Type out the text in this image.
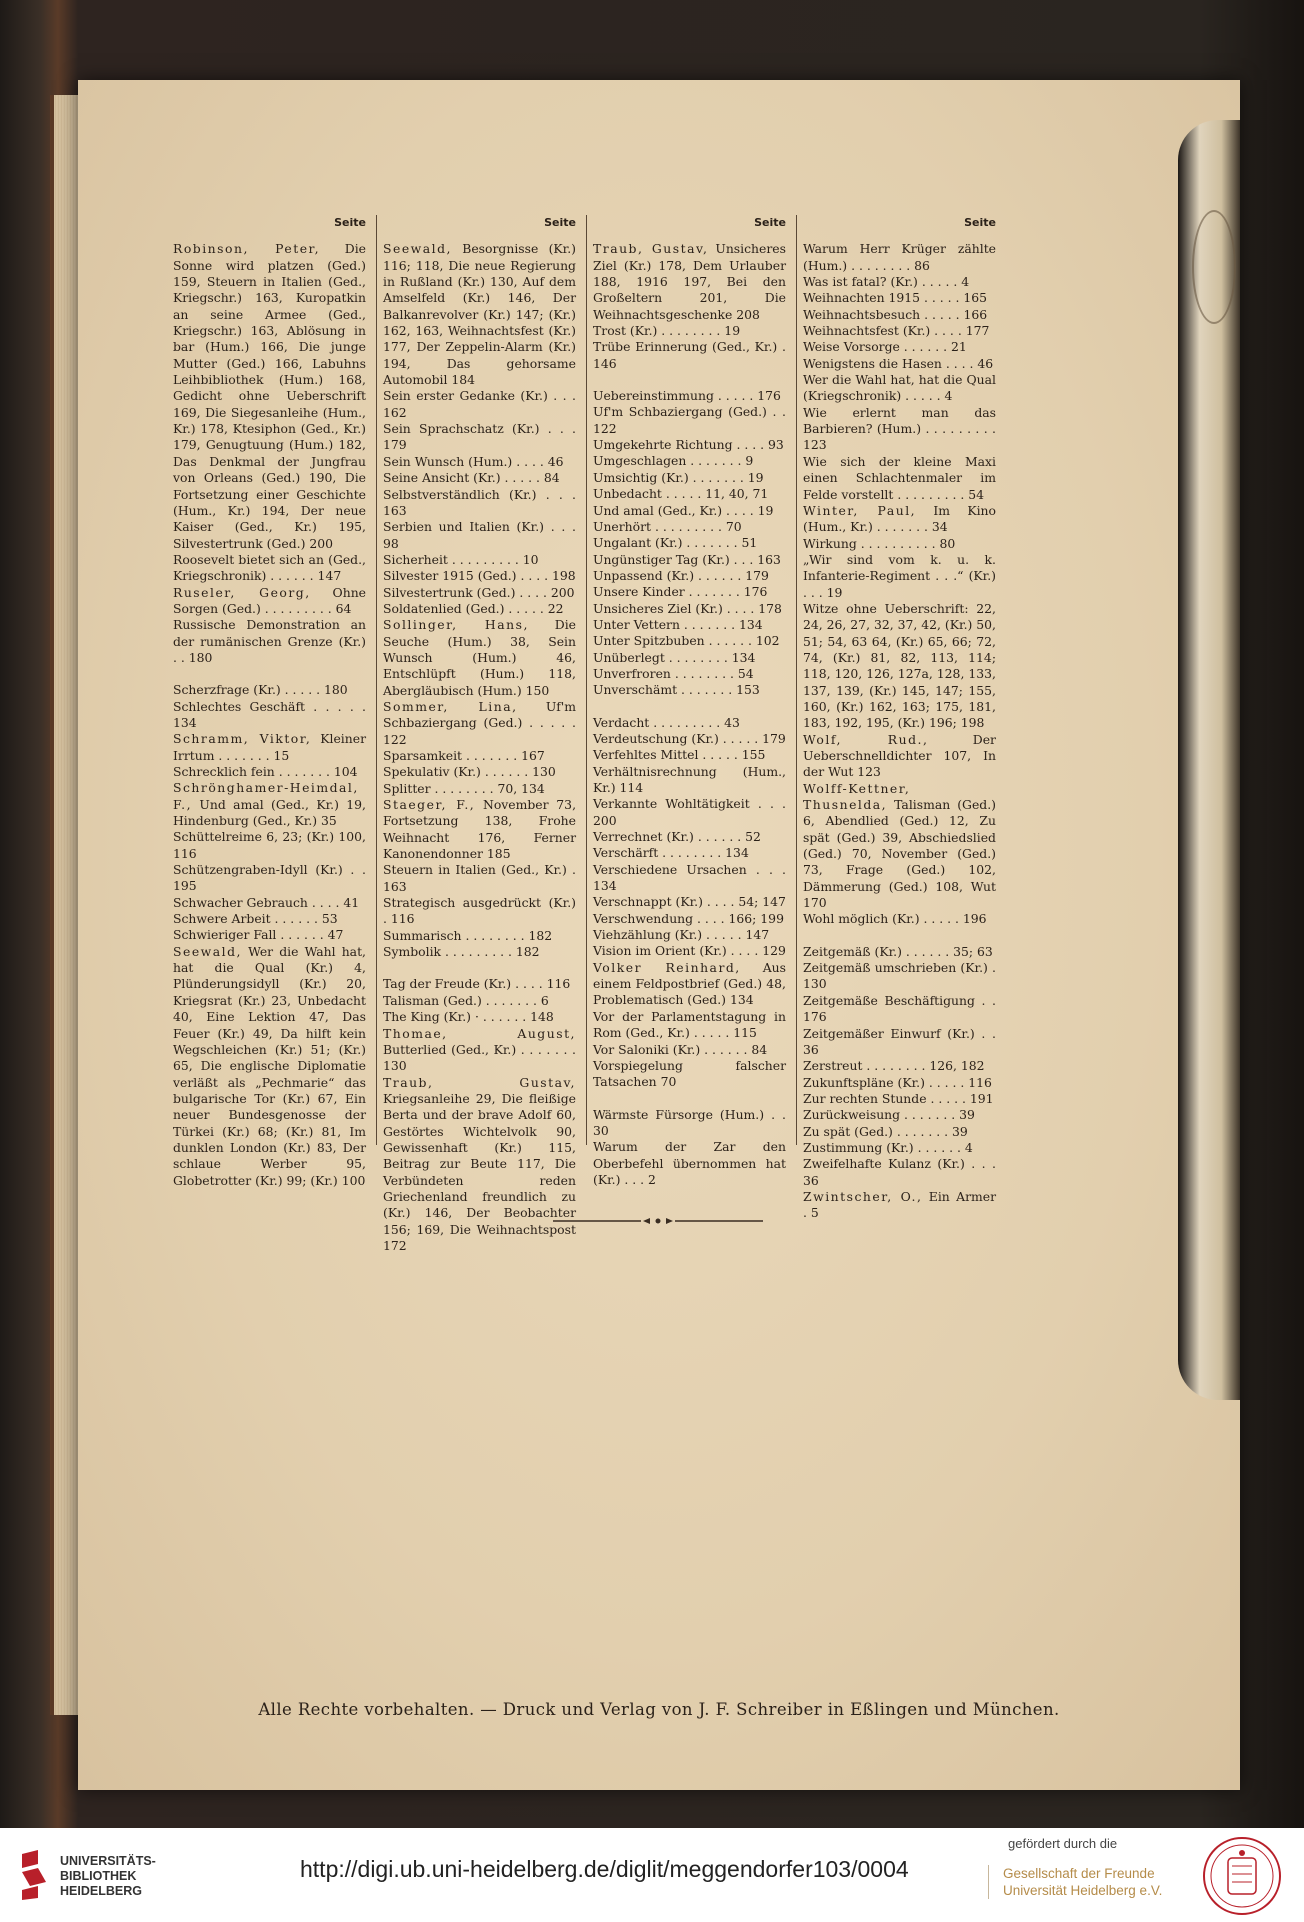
Seite
Robinson, Peter, Die Sonne wird platzen (Ged.) 159, Steuern in Italien (Ged., Kriegschr.) 163, Kuropatkin an seine Armee (Ged., Kriegschr.) 163, Ablösung in bar (Hum.) 166, Die junge Mutter (Ged.) 166, Labuhns Leihbibliothek (Hum.) 168, Gedicht ohne Ueberschrift 169, Die Siegesanleihe (Hum., Kr.) 178, Ktesiphon (Ged., Kr.) 179, Genugtuung (Hum.) 182, Das Denkmal der Jungfrau von Orleans (Ged.) 190, Die Fortsetzung einer Geschichte (Hum., Kr.) 194, Der neue Kaiser (Ged., Kr.) 195, Silvestertrunk (Ged.) 200
Roosevelt bietet sich an (Ged., Kriegschronik) . . . . . . 147
Ruseler, Georg, Ohne Sorgen (Ged.) . . . . . . . . . 64
Russische Demonstration an der rumänischen Grenze (Kr.) . . 180
Scherzfrage (Kr.) . . . . . 180
Schlechtes Geschäft . . . . . 134
Schramm, Viktor, Kleiner Irrtum . . . . . . . 15
Schrecklich fein . . . . . . . 104
Schrönghamer-Heimdal, F., Und amal (Ged., Kr.) 19, Hindenburg (Ged., Kr.) 35
Schüttelreime 6, 23; (Kr.) 100, 116
Schützengraben-Idyll (Kr.) . . 195
Schwacher Gebrauch . . . . 41
Schwere Arbeit . . . . . . 53
Schwieriger Fall . . . . . . 47
Seewald, Wer die Wahl hat, hat die Qual (Kr.) 4, Plünderungsidyll (Kr.) 20, Kriegsrat (Kr.) 23, Unbedacht 40, Eine Lektion 47, Das Feuer (Kr.) 49, Da hilft kein Wegschleichen (Kr.) 51; (Kr.) 65, Die englische Diplomatie verläßt als „Pechmarie“ das bulgarische Tor (Kr.) 67, Ein neuer Bundesgenosse der Türkei (Kr.) 68; (Kr.) 81, Im dunklen London (Kr.) 83, Der schlaue Werber 95, Globetrotter (Kr.) 99; (Kr.) 100
Seite
Seewald, Besorgnisse (Kr.) 116; 118, Die neue Regierung in Rußland (Kr.) 130, Auf dem Amselfeld (Kr.) 146, Der Balkanrevolver (Kr.) 147; (Kr.) 162, 163, Weihnachtsfest (Kr.) 177, Der Zeppelin-Alarm (Kr.) 194, Das gehorsame Automobil 184
Sein erster Gedanke (Kr.) . . . 162
Sein Sprachschatz (Kr.) . . . 179
Sein Wunsch (Hum.) . . . . 46
Seine Ansicht (Kr.) . . . . . 84
Selbstverständlich (Kr.) . . . 163
Serbien und Italien (Kr.) . . . 98
Sicherheit . . . . . . . . . 10
Silvester 1915 (Ged.) . . . . 198
Silvestertrunk (Ged.) . . . . 200
Soldatenlied (Ged.) . . . . . 22
Sollinger, Hans, Die Seuche (Hum.) 38, Sein Wunsch (Hum.) 46, Entschlüpft (Hum.) 118, Abergläubisch (Hum.) 150
Sommer, Lina, Uf'm Schbaziergang (Ged.) . . . . . 122
Sparsamkeit . . . . . . . 167
Spekulativ (Kr.) . . . . . . 130
Splitter . . . . . . . . 70, 134
Staeger, F., November 73, Fortsetzung 138, Frohe Weihnacht 176, Ferner Kanonendonner 185
Steuern in Italien (Ged., Kr.) . 163
Strategisch ausgedrückt (Kr.) . 116
Summarisch . . . . . . . . 182
Symbolik . . . . . . . . . 182
Tag der Freude (Kr.) . . . . 116
Talisman (Ged.) . . . . . . . 6
The King (Kr.) · . . . . . . 148
Thomae, August, Butterlied (Ged., Kr.) . . . . . . . 130
Traub, Gustav, Kriegsanleihe 29, Die fleißige Berta und der brave Adolf 60, Gestörtes Wichtelvolk 90, Gewissenhaft (Kr.) 115, Beitrag zur Beute 117, Die Verbündeten reden Griechenland freundlich zu (Kr.) 146, Der Beobachter 156; 169, Die Weihnachtspost 172
Seite
Traub, Gustav, Unsicheres Ziel (Kr.) 178, Dem Urlauber 188, 1916 197, Bei den Großeltern 201, Die Weihnachtsgeschenke 208
Trost (Kr.) . . . . . . . . 19
Trübe Erinnerung (Ged., Kr.) . 146
Uebereinstimmung . . . . . 176
Uf'm Schbaziergang (Ged.) . . 122
Umgekehrte Richtung . . . . 93
Umgeschlagen . . . . . . . 9
Umsichtig (Kr.) . . . . . . . 19
Unbedacht . . . . . 11, 40, 71
Und amal (Ged., Kr.) . . . . 19
Unerhört . . . . . . . . . 70
Ungalant (Kr.) . . . . . . . 51
Ungünstiger Tag (Kr.) . . . 163
Unpassend (Kr.) . . . . . . 179
Unsere Kinder . . . . . . . 176
Unsicheres Ziel (Kr.) . . . . 178
Unter Vettern . . . . . . . 134
Unter Spitzbuben . . . . . . 102
Unüberlegt . . . . . . . . 134
Unverfroren . . . . . . . . 54
Unverschämt . . . . . . . 153
Verdacht . . . . . . . . . 43
Verdeutschung (Kr.) . . . . . 179
Verfehltes Mittel . . . . . 155
Verhältnisrechnung (Hum., Kr.) 114
Verkannte Wohltätigkeit . . . 200
Verrechnet (Kr.) . . . . . . 52
Verschärft . . . . . . . . 134
Verschiedene Ursachen . . . 134
Verschnappt (Kr.) . . . . 54; 147
Verschwendung . . . . 166; 199
Viehzählung (Kr.) . . . . . 147
Vision im Orient (Kr.) . . . . 129
Volker Reinhard, Aus einem Feldpostbrief (Ged.) 48, Problematisch (Ged.) 134
Vor der Parlamentstagung in Rom (Ged., Kr.) . . . . . 115
Vor Saloniki (Kr.) . . . . . . 84
Vorspiegelung falscher Tatsachen 70
Wärmste Fürsorge (Hum.) . . 30
Warum der Zar den Oberbefehl übernommen hat (Kr.) . . . 2
Seite
Warum Herr Krüger zählte (Hum.) . . . . . . . . 86
Was ist fatal? (Kr.) . . . . . 4
Weihnachten 1915 . . . . . 165
Weihnachtsbesuch . . . . . 166
Weihnachtsfest (Kr.) . . . . 177
Weise Vorsorge . . . . . . 21
Wenigstens die Hasen . . . . 46
Wer die Wahl hat, hat die Qual (Kriegschronik) . . . . . 4
Wie erlernt man das Barbieren? (Hum.) . . . . . . . . . 123
Wie sich der kleine Maxi einen Schlachtenmaler im Felde vorstellt . . . . . . . . . 54
Winter, Paul, Im Kino (Hum., Kr.) . . . . . . . 34
Wirkung . . . . . . . . . . 80
„Wir sind vom k. u. k. Infanterie-Regiment . . .“ (Kr.) . . . 19
Witze ohne Ueberschrift: 22, 24, 26, 27, 32, 37, 42, (Kr.) 50, 51; 54, 63 64, (Kr.) 65, 66; 72, 74, (Kr.) 81, 82, 113, 114; 118, 120, 126, 127a, 128, 133, 137, 139, (Kr.) 145, 147; 155, 160, (Kr.) 162, 163; 175, 181, 183, 192, 195, (Kr.) 196; 198
Wolf, Rud., Der Ueberschnelldichter 107, In der Wut 123
Wolff-Kettner, Thusnelda, Talisman (Ged.) 6, Abendlied (Ged.) 12, Zu spät (Ged.) 39, Abschiedslied (Ged.) 70, November (Ged.) 73, Frage (Ged.) 102, Dämmerung (Ged.) 108, Wut 170
Wohl möglich (Kr.) . . . . . 196
Zeitgemäß (Kr.) . . . . . . 35; 63
Zeitgemäß umschrieben (Kr.) . 130
Zeitgemäße Beschäftigung . . 176
Zeitgemäßer Einwurf (Kr.) . . 36
Zerstreut . . . . . . . . 126, 182
Zukunftspläne (Kr.) . . . . . 116
Zur rechten Stunde . . . . . 191
Zurückweisung . . . . . . . 39
Zu spät (Ged.) . . . . . . . 39
Zustimmung (Kr.) . . . . . . 4
Zweifelhafte Kulanz (Kr.) . . . 36
Zwintscher, O., Ein Armer . 5
Alle Rechte vorbehalten. — Druck und Verlag von J. F. Schreiber in Eßlingen und München.
UNIVERSITÄTS-
BIBLIOTHEK
HEIDELBERG
http://digi.ub.uni-heidelberg.de/diglit/meggendorfer103/0004
gefördert durch die
Gesellschaft der Freunde
Universität Heidelberg e.V.
